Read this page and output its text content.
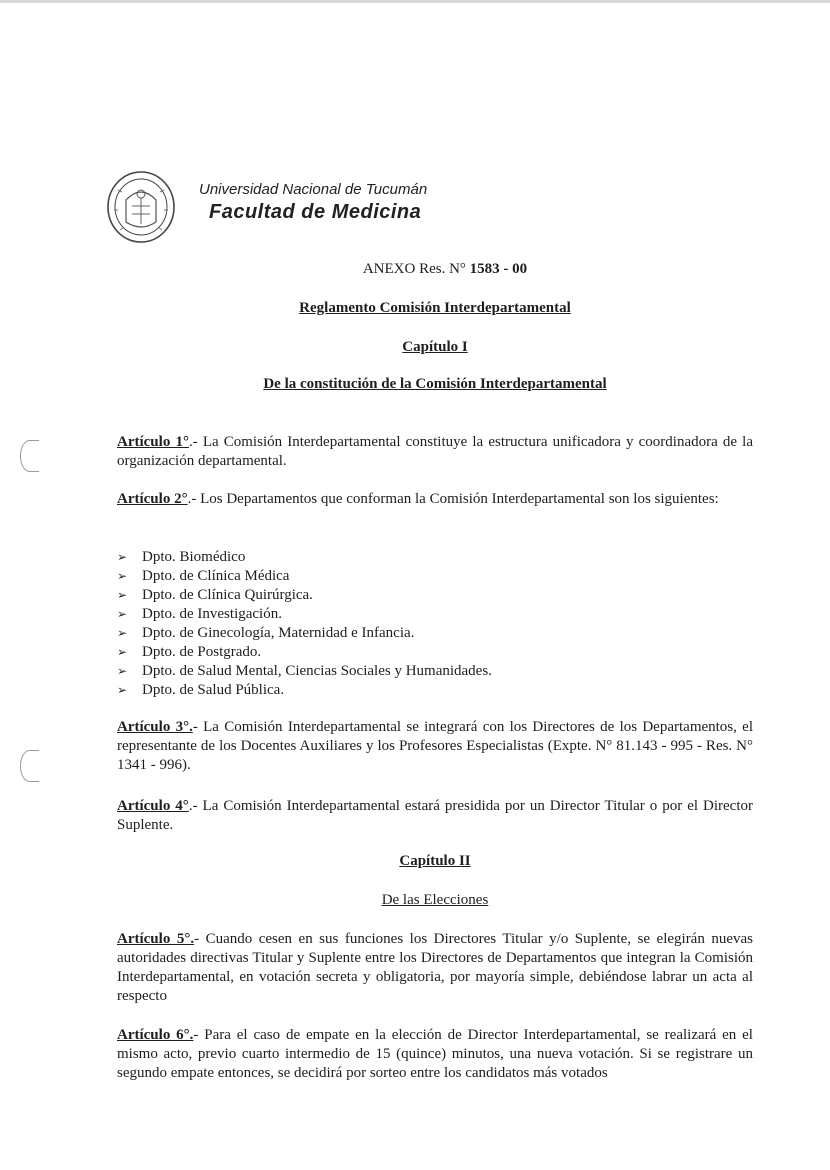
Universidad Nacional de Tucumán
Facultad de Medicina
ANEXO Res. N° 1583 - 00
Reglamento Comisión Interdepartamental
Capítulo I
De la constitución de la Comisión Interdepartamental
Artículo 1°.- La Comisión Interdepartamental constituye la estructura unificadora y coordinadora de la organización departamental.
Artículo 2°.- Los Departamentos que conforman la Comisión Interdepartamental son los siguientes:
➢ Dpto. Biomédico
➢ Dpto. de Clínica Médica
➢ Dpto. de Clínica Quirúrgica.
➢ Dpto. de Investigación.
➢ Dpto. de Ginecología, Maternidad e Infancia.
➢ Dpto. de Postgrado.
➢ Dpto. de Salud Mental, Ciencias Sociales y Humanidades.
➢ Dpto. de Salud Pública.
Artículo 3°.- La Comisión Interdepartamental se integrará con los Directores de los Departamentos, el representante de los Docentes Auxiliares y los Profesores Especialistas (Expte. N° 81.143 - 995 - Res. N° 1341 - 996).
Artículo 4°.- La Comisión Interdepartamental estará presidida por un Director Titular o por el Director Suplente.
Capítulo II
De las Elecciones
Artículo 5°.- Cuando cesen en sus funciones los Directores Titular y/o Suplente, se elegirán nuevas autoridades directivas Titular y Suplente entre los Directores de Departamentos que integran la Comisión Interdepartamental, en votación secreta y obligatoria, por mayoría simple, debiéndose labrar un acta al respecto
Artículo 6°.- Para el caso de empate en la elección de Director Interdepartamental, se realizará en el mismo acto, previo cuarto intermedio de 15 (quince) minutos, una nueva votación. Si se registrare un segundo empate entonces, se decidirá por sorteo entre los candidatos más votados
